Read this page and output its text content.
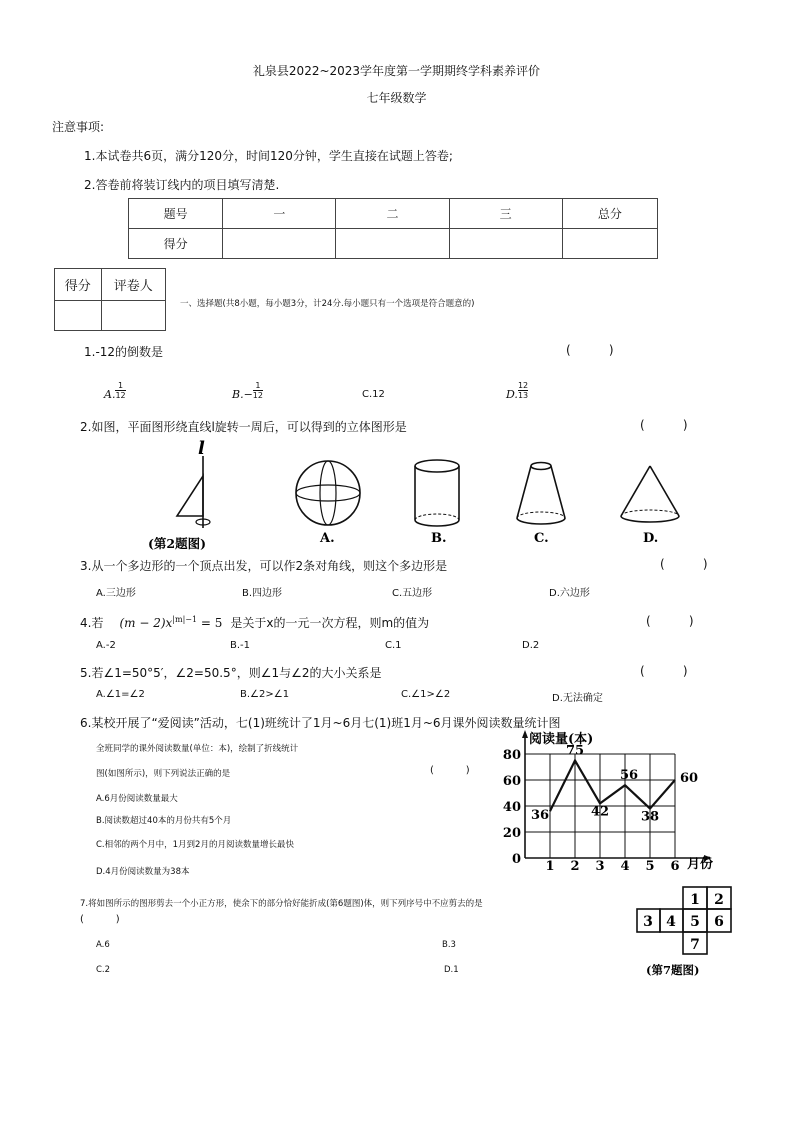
礼泉县2022~2023学年度第一学期期终学科素养评价
七年级数学
注意事项:
1.本试卷共6页，满分120分，时间120分钟，学生直接在试题上答卷;
2.答卷前将装订线内的项目填写清楚.
题号	一	二	三	总分
得分				
得分	评卷人

一、选择题(共8小题，每小题3分，计24分.每小题只有一个选项是符合题意的)
1.-12的倒数是	(          )
A. $\frac{1}{12}$	$B.- \frac{1}{12}$	C.12	D. $\frac{12}{13}$
2.如图，平面图形绕直线l旋转一周后，可以得到的立体图形是	(          )
l
(第2题图)	A.	B.	C.	D.
3.从一个多边形的一个顶点出发，可以作2条对角线，则这个多边形是	(          )
A.三边形	B.四边形	C.五边形	D.六边形
4.若 $(m - 2)x^{|m|-1} = 5$ 是关于x的一元一次方程，则m的值为	(          )
A.-2	B.-1	C.1	D.2
5.若∠1=50°5′，∠2=50.5°，则∠1与∠2的大小关系是	(          )
A.∠1=∠2	B.∠2>∠1	C.∠1>∠2	D.无法确定
6.某校开展了“爱阅读”活动，七(1)班统计了1月~6月七(1)班1月~6月课外阅读数量统计图
全班同学的课外阅读数量(单位：本)，绘制了折线统计
图(如图所示)，则下列说法正确的是	(          )
A.6月份阅读数量最大
B.阅读数超过40本的月份共有5个月
C.相邻的两个月中，1月到2月的月阅读数量增长最快
D.4月份阅读数量为38本
0
20
40
60
80
1 2 3 4 5 6 月份
阅读量(本)
36
75
42
56
38
60
7.将如图所示的图形剪去一个小正方形，使余下的部分恰好能折成(第6题图)体，则下列序号中不应剪去的是
(          )
A.6	B.3
C.2	D.1
1 2
3 4 5 6
7
(第7题图)
